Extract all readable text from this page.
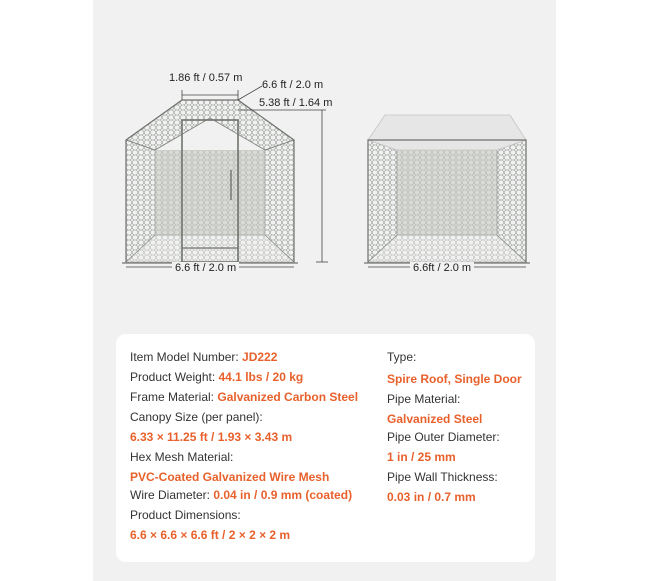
1.86 ft / 0.57 m
6.6 ft / 2.0 m
5.38 ft / 1.64 m
6.6 ft / 2.0 m	6.6ft / 2.0 m
Item Model Number: JD222
Product Weight: 44.1 lbs / 20 kg
Frame Material: Galvanized Carbon Steel
Canopy Size (per panel):
6.33 × 11.25 ft / 1.93 × 3.43 m
Hex Mesh Material:
PVC-Coated Galvanized Wire Mesh
Wire Diameter: 0.04 in / 0.9 mm (coated)
Product Dimensions:
6.6 × 6.6 × 6.6 ft / 2 × 2 × 2 m
Type:
Spire Roof, Single Door
Pipe Material:
Galvanized Steel
Pipe Outer Diameter:
1 in / 25 mm
Pipe Wall Thickness:
0.03 in / 0.7 mm
